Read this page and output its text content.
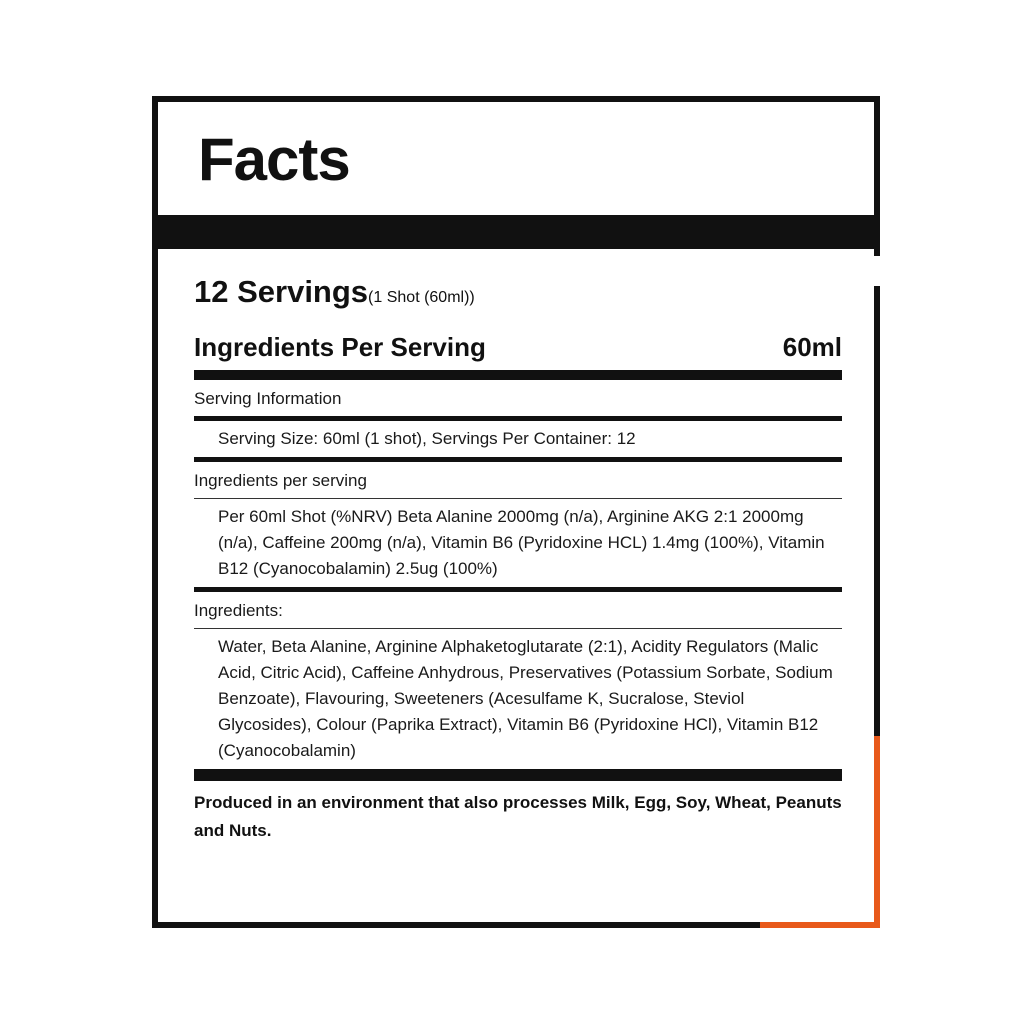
Facts
12 Servings(1 Shot (60ml))
Ingredients Per Serving	60ml
Serving Information
Serving Size: 60ml (1 shot), Servings Per Container: 12
Ingredients per serving
Per 60ml Shot (%NRV) Beta Alanine 2000mg (n/a), Arginine AKG 2:1 2000mg (n/a), Caffeine 200mg (n/a), Vitamin B6 (Pyridoxine HCL) 1.4mg (100%), Vitamin B12 (Cyanocobalamin) 2.5ug (100%)
Ingredients:
Water, Beta Alanine, Arginine Alphaketoglutarate (2:1), Acidity Regulators (Malic Acid, Citric Acid), Caffeine Anhydrous, Preservatives (Potassium Sorbate, Sodium Benzoate), Flavouring, Sweeteners (Acesulfame K, Sucralose, Steviol Glycosides), Colour (Paprika Extract), Vitamin B6 (Pyridoxine HCl), Vitamin B12 (Cyanocobalamin)
Produced in an environment that also processes Milk, Egg, Soy, Wheat, Peanuts and Nuts.
